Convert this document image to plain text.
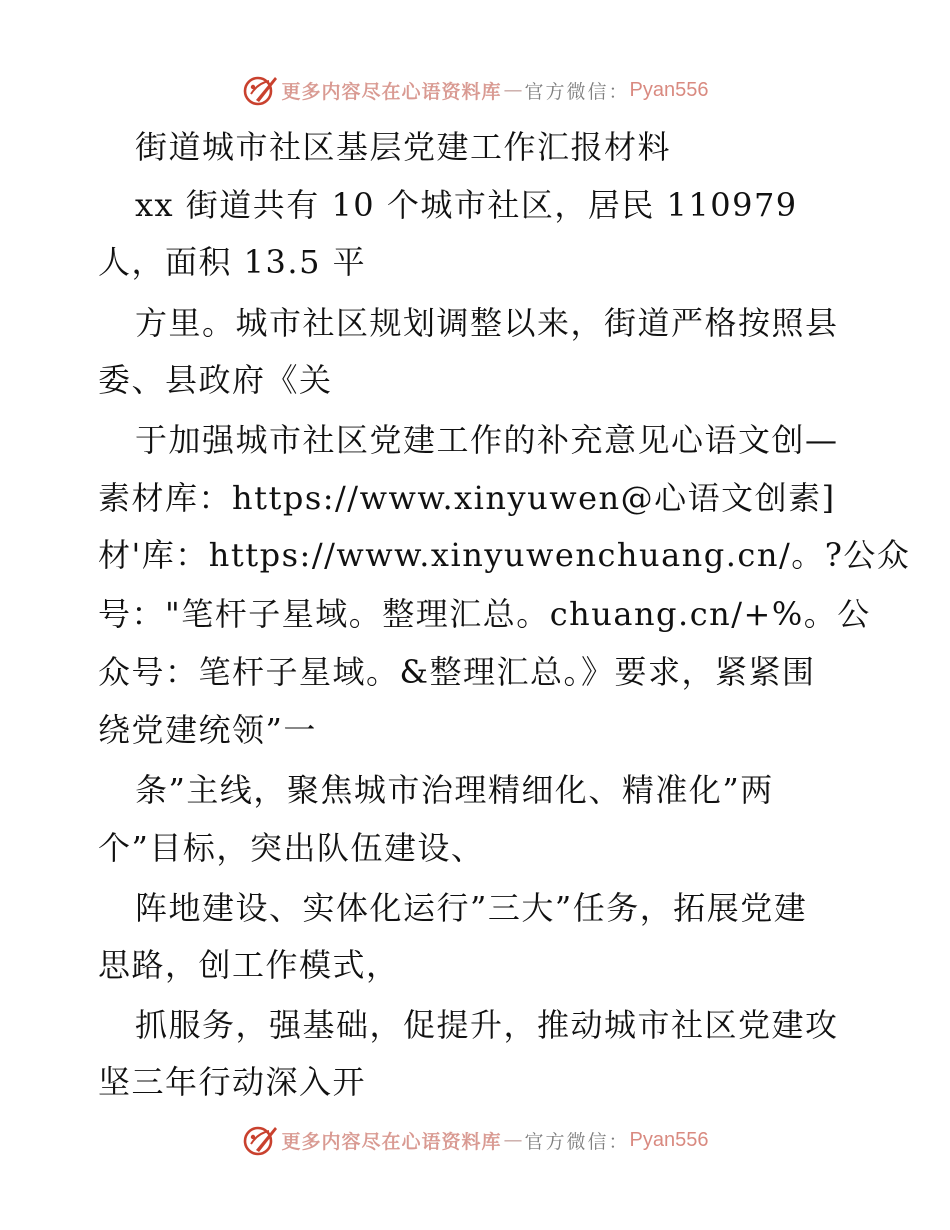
更多内容尽在心语资料库 — 官方微信： Pyan556

街道城市社区基层党建工作汇报材料

xx 街道共有 10 个城市社区，居民 110979

人，面积 13.5 平

方里。城市社区规划调整以来，街道严格按照县

委、县政府《关

于加强城市社区党建工作的补充意见心语文创—

素材库：https://www.xinyuwen@心语文创素]

材'库：https://www.xinyuwenchuang.cn/。?公众

号："笔杆子星域。整理汇总。chuang.cn/+%。公

众号：笔杆子星域。&整理汇总。》要求，紧紧围

绕党建统领”一

条”主线，聚焦城市治理精细化、精准化”两

个”目标，突出队伍建设、

阵地建设、实体化运行”三大”任务，拓展党建

思路，创工作模式，

抓服务，强基础，促提升，推动城市社区党建攻

坚三年行动深入开

更多内容尽在心语资料库 — 官方微信： Pyan556
